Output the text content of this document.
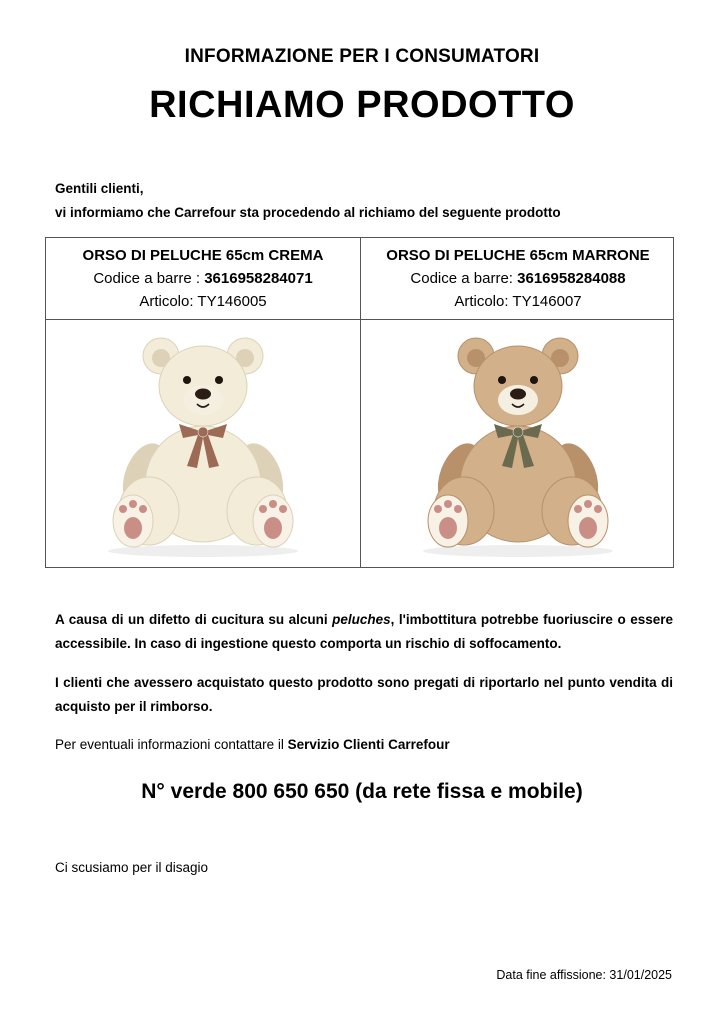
INFORMAZIONE PER I CONSUMATORI
RICHIAMO PRODOTTO
Gentili clienti,
vi informiamo che Carrefour sta procedendo al richiamo del seguente prodotto
ORSO DI PELUCHE 65cm CREMA
Codice a barre : 3616958284071
Articolo: TY146005
ORSO DI PELUCHE 65cm MARRONE
Codice a barre: 3616958284088
Articolo: TY146007
A causa di un difetto di cucitura su alcuni peluches, l'imbottitura potrebbe fuoriuscire o essere accessibile. In caso di ingestione questo comporta un rischio di soffocamento.
I clienti che avessero acquistato questo prodotto sono pregati di riportarlo nel punto vendita di acquisto per il rimborso.
Per eventuali informazioni contattare il Servizio Clienti Carrefour
N° verde 800 650 650 (da rete fissa e mobile)
Ci scusiamo per il disagio
Data fine affissione: 31/01/2025
